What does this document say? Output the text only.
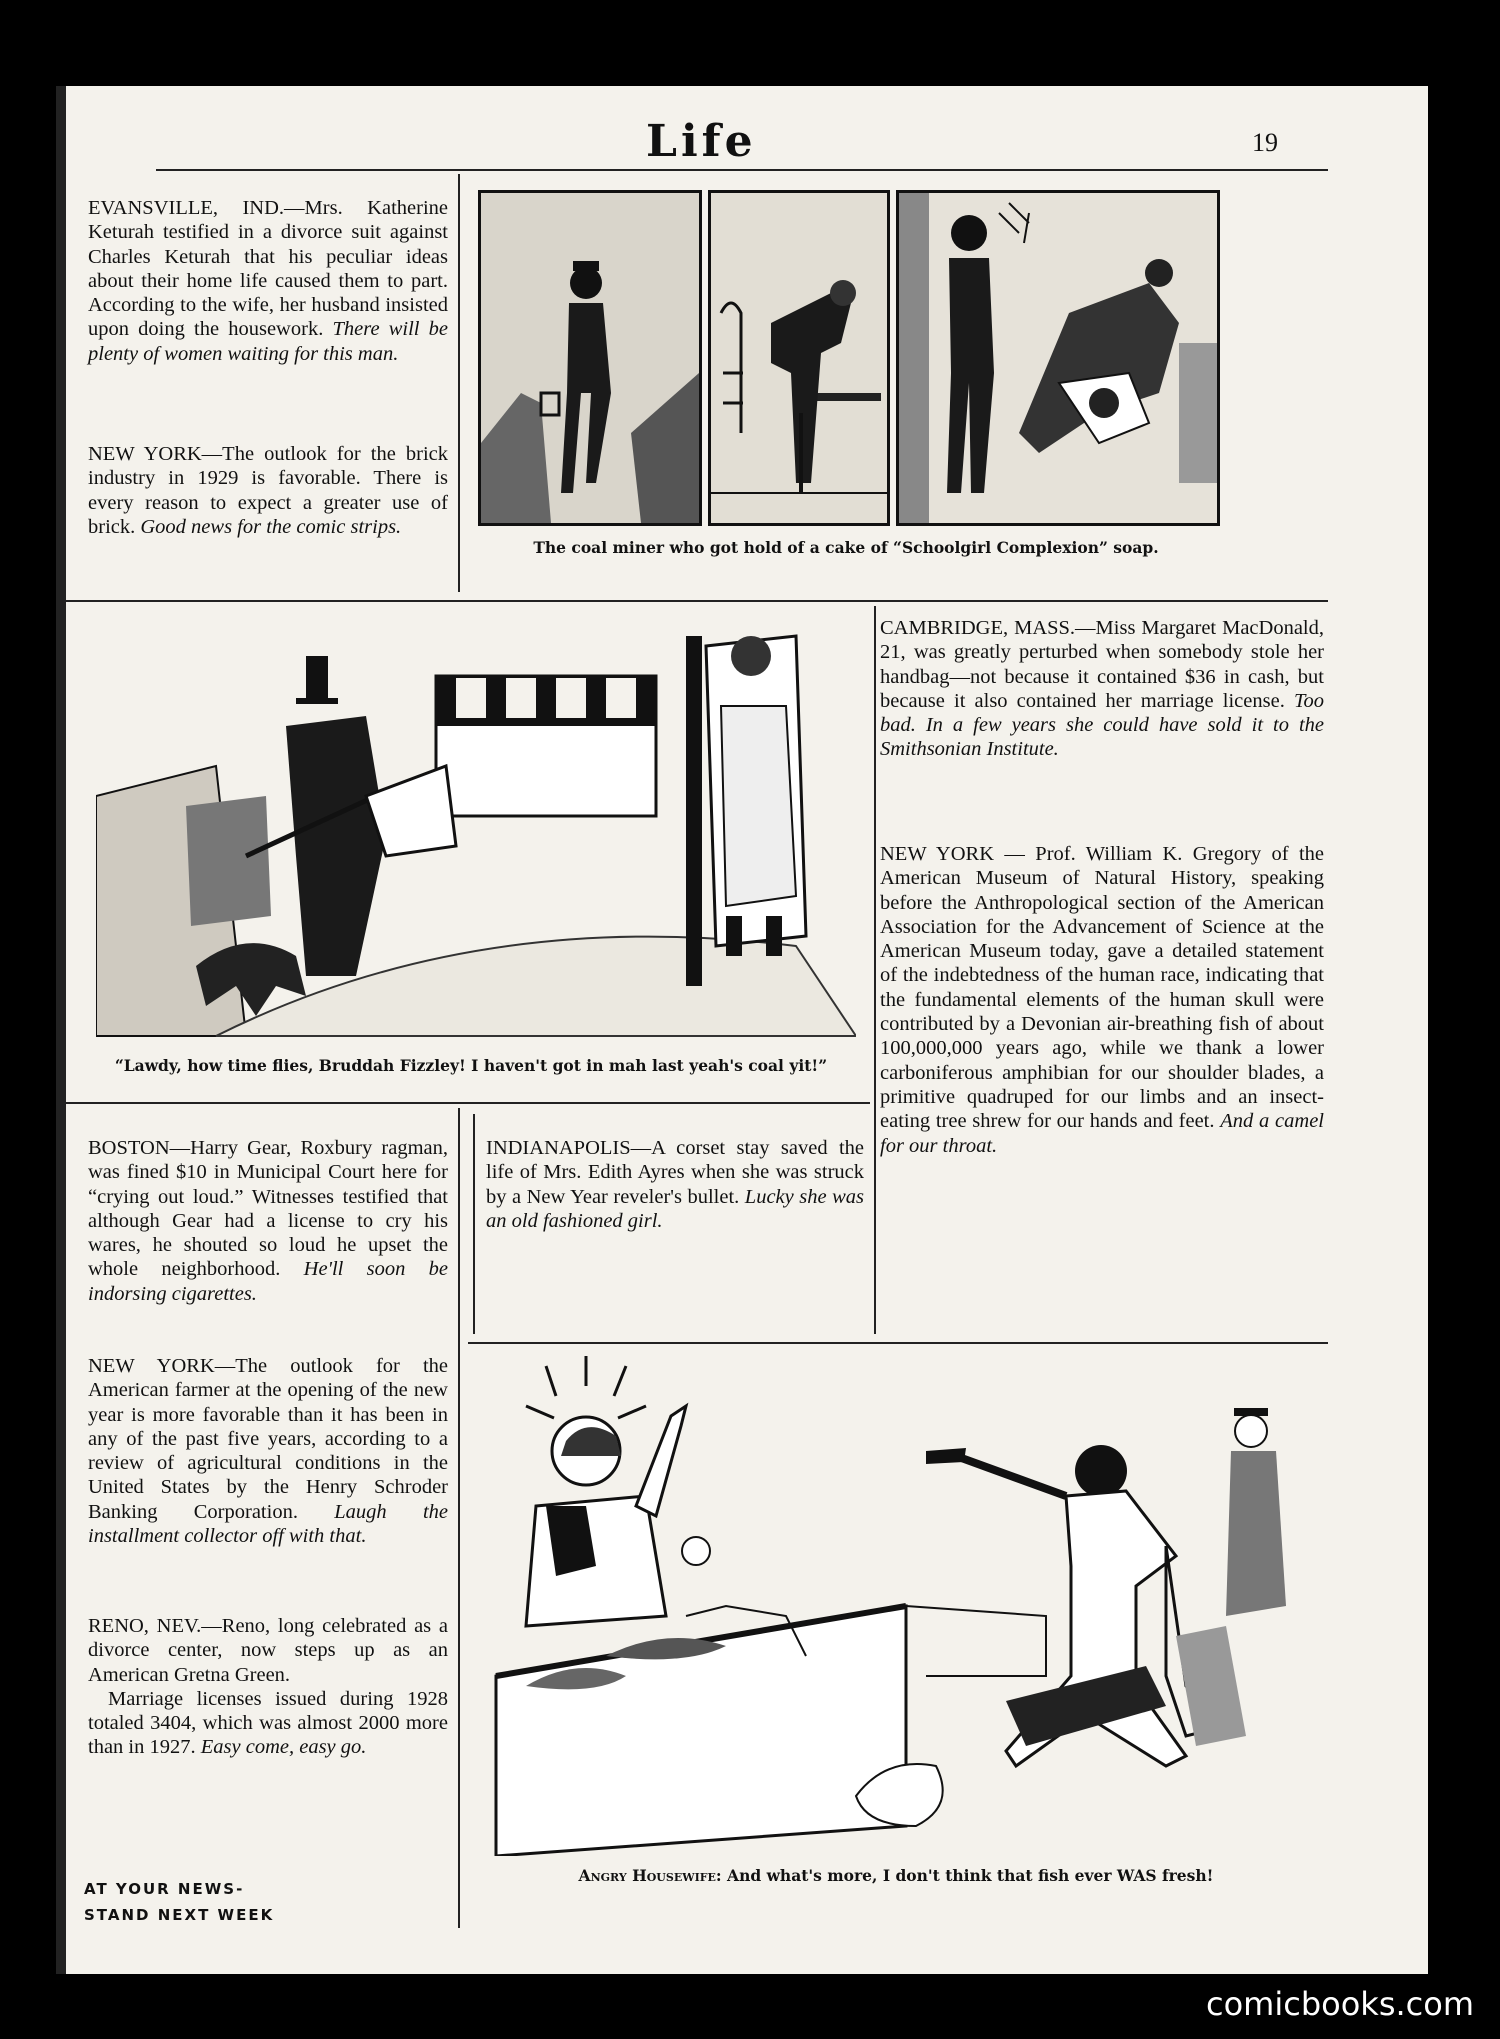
Life	19

EVANSVILLE, IND.—Mrs. Katherine Keturah testified in a divorce suit against Charles Keturah that his peculiar ideas about their home life caused them to part. According to the wife, her husband insisted upon doing the housework. There will be plenty of women waiting for this man.

NEW YORK—The outlook for the brick industry in 1929 is favorable. There is every reason to expect a greater use of brick. Good news for the comic strips.

The coal miner who got hold of a cake of “Schoolgirl Complexion” soap.
“Lawdy, how time flies, Bruddah Fizzley! I haven't got in mah last yeah's coal yit!”

CAMBRIDGE, MASS.—Miss Margaret MacDonald, 21, was greatly perturbed when somebody stole her handbag—not because it contained $36 in cash, but because it also contained her marriage license. Too bad. In a few years she could have sold it to the Smithsonian Institute.

NEW YORK — Prof. William K. Gregory of the American Museum of Natural History, speaking before the Anthropological section of the American Association for the Advancement of Science at the American Museum today, gave a detailed statement of the indebtedness of the human race, indicating that the fundamental elements of the human skull were contributed by a Devonian air-breathing fish of about 100,000,000 years ago, while we thank a lower carboniferous amphibian for our shoulder blades, a primitive quadruped for our limbs and an insect-eating tree shrew for our hands and feet. And a camel for our throat.

BOSTON—Harry Gear, Roxbury ragman, was fined $10 in Municipal Court here for “crying out loud.” Witnesses testified that although Gear had a license to cry his wares, he shouted so loud he upset the whole neighborhood. He'll soon be indorsing cigarettes.

INDIANAPOLIS—A corset stay saved the life of Mrs. Edith Ayres when she was struck by a New Year reveler's bullet. Lucky she was an old fashioned girl.

NEW YORK—The outlook for the American farmer at the opening of the new year is more favorable than it has been in any of the past five years, according to a review of agricultural conditions in the United States by the Henry Schroder Banking Corporation. Laugh the installment collector off with that.

RENO, NEV.—Reno, long celebrated as a divorce center, now steps up as an American Gretna Green.

Marriage licenses issued during 1928 totaled 3404, which was almost 2000 more than in 1927. Easy come, easy go.

Angry Housewife: And what's more, I don't think that fish ever WAS fresh!
AT YOUR NEWS-
STAND NEXT WEEK
comicbooks.com
